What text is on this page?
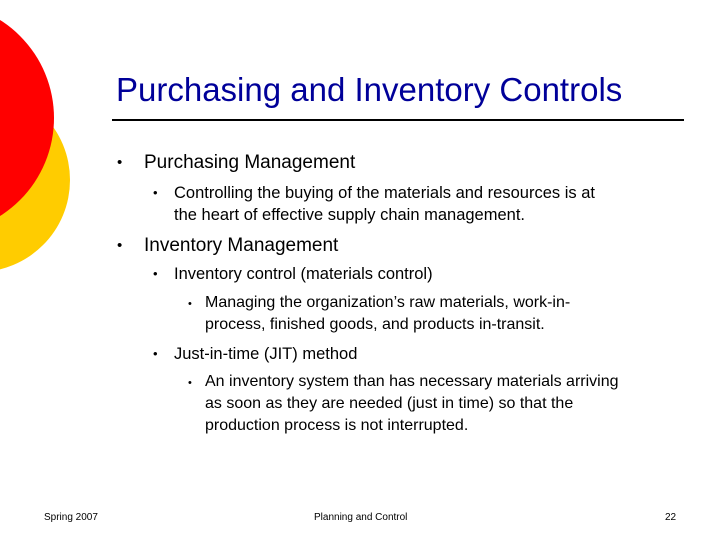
Purchasing and Inventory Controls
• Purchasing Management
• Controlling the buying of the materials and resources is at
the heart of effective supply chain management.
• Inventory Management
• Inventory control (materials control)
• Managing the organization’s raw materials, work-in-
process, finished goods, and products in-transit.
• Just-in-time (JIT) method
• An inventory system than has necessary materials arriving
as soon as they are needed (just in time) so that the
production process is not interrupted.
Spring 2007	Planning and Control	22
